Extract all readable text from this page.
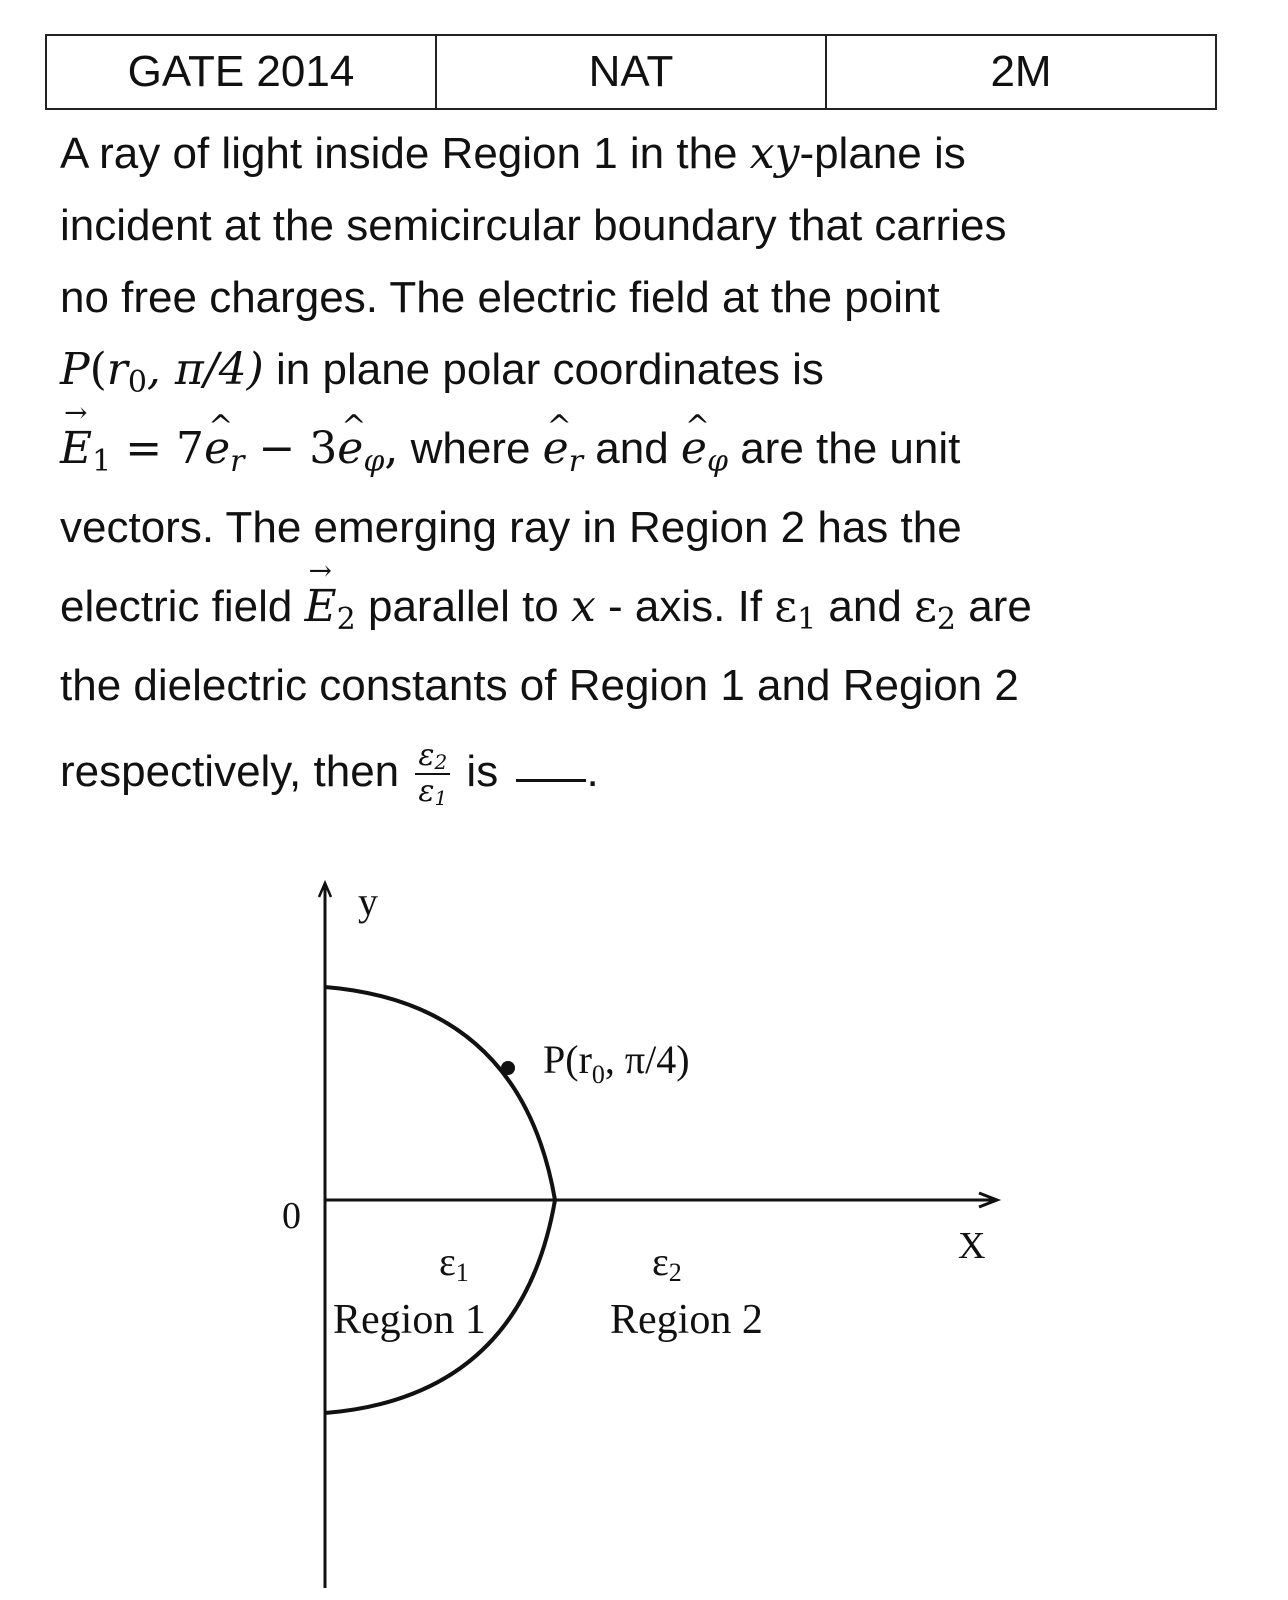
GATE 2014	NAT	2M
A ray of light inside Region 1 in the xy-plane is
incident at the semicircular boundary that carries
no free charges. The electric field at the point
$P(r_0$, π/4) in plane polar coordinates is
→ $E_1$ = 7^ $e_r$ − 3^ $e_\varphi$, where ^ $e_r$ and ^ $e_\varphi$ are the unit
vectors. The emerging ray in Region 2 has the
electric field → $E_2$ parallel to x - axis. If $\varepsilon_1$ and $\varepsilon_2$ are
the dielectric constants of Region 1 and Region 2
respectively, then $\frac{\varepsilon_2}{\varepsilon_1}$ is .
y
X
0
$P(r_0$, π/4)
ε1
Region 1
ε2
Region 2
